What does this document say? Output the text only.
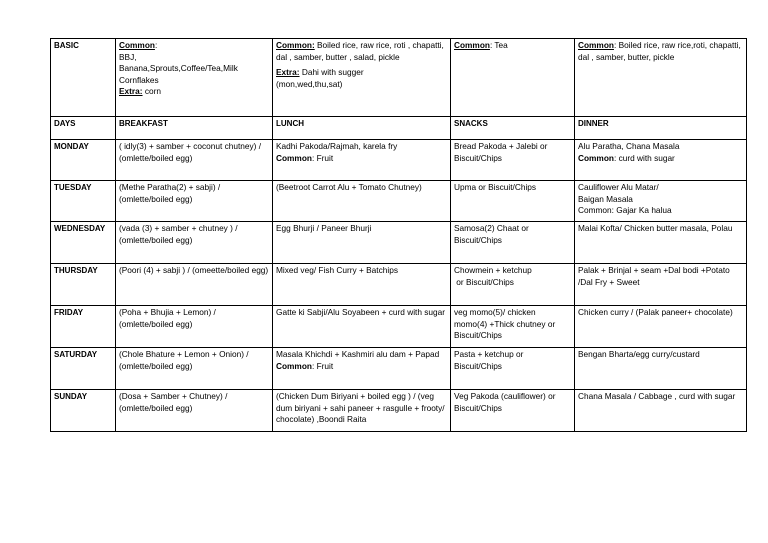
BASIC	Common:
BBJ,
Banana,Sprouts,Coffee/Tea,Milk
Cornflakes
Extra: corn	Common: Boiled rice, raw rice, roti , chapatti, dal , samber, butter , salad, pickle
Extra: Dahi with sugger
(mon,wed,thu,sat)	Common: Tea	Common: Boiled rice, raw rice,roti, chapatti, dal , samber, butter, pickle
DAYS	BREAKFAST	LUNCH	SNACKS	DINNER
MONDAY	( idly(3) + samber + coconut chutney) / (omlette/boiled egg)	Kadhi Pakoda/Rajmah, karela fry
Common: Fruit	Bread Pakoda + Jalebi or Biscuit/Chips	Alu Paratha, Chana Masala
Common: curd with sugar

TUESDAY	(Methe Paratha(2) + sabji) / (omlette/boiled egg)	(Beetroot Carrot Alu + Tomato Chutney)	Upma or Biscuit/Chips	Cauliflower Alu Matar/
Baigan Masala
Common: Gajar Ka halua

WEDNESDAY	(vada (3) + samber + chutney ) / (omlette/boiled egg)	Egg Bhurji / Paneer Bhurji	Samosa(2) Chaat or Biscuit/Chips	Malai Kofta/ Chicken butter masala, Polau
THURSDAY	(Poori (4) + sabji ) / (omeette/boiled egg)	Mixed veg/ Fish Curry + Batchips	Chowmein + ketchup
or Biscuit/Chips	Palak + Brinjal + seam +Dal bodi +Potato /Dal Fry + Sweet
FRIDAY	(Poha + Bhujia + Lemon) / (omlette/boiled egg)	Gatte ki Sabji/Alu Soyabeen + curd with sugar	veg momo(5)/ chicken momo(4) +Thick chutney or Biscuit/Chips	Chicken curry / (Palak paneer+ chocolate)
SATURDAY	(Chole Bhature + Lemon + Onion) / (omlette/boiled egg)	Masala Khichdi + Kashmiri alu dam + Papad
Common: Fruit	Pasta + ketchup or Biscuit/Chips	Bengan Bharta/egg curry/custard
SUNDAY	(Dosa + Samber + Chutney) / (omlette/boiled egg)	(Chicken Dum Biriyani + boiled egg ) / (veg dum biriyani + sahi paneer + rasgulle + frooty/ chocolate) ,Boondi Raita	Veg Pakoda (cauliflower) or Biscuit/Chips	Chana Masala / Cabbage , curd with sugar
